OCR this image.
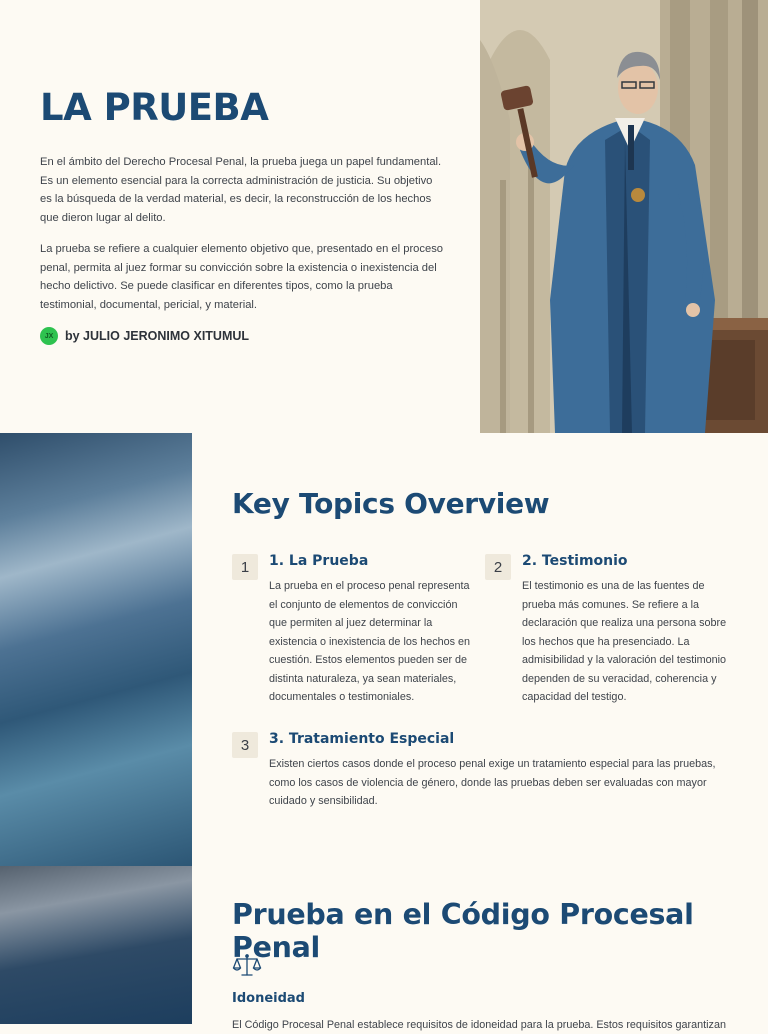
LA PRUEBA

En el ámbito del Derecho Procesal Penal, la prueba juega un papel fundamental. Es un elemento esencial para la correcta administración de justicia. Su objetivo es la búsqueda de la verdad material, es decir, la reconstrucción de los hechos que dieron lugar al delito.

La prueba se refiere a cualquier elemento objetivo que, presentado en el proceso penal, permita al juez formar su convicción sobre la existencia o inexistencia del hecho delictivo. Se puede clasificar en diferentes tipos, como la prueba testimonial, documental, pericial, y material.

JX by JULIO JERONIMO XITUMUL
Key Topics Overview
1	1. La Prueba

La prueba en el proceso penal representa el conjunto de elementos de convicción que permiten al juez determinar la existencia o inexistencia de los hechos en cuestión. Estos elementos pueden ser de distinta naturaleza, ya sean materiales, documentales o testimoniales.

2	2. Testimonio

El testimonio es una de las fuentes de prueba más comunes. Se refiere a la declaración que realiza una persona sobre los hechos que ha presenciado. La admisibilidad y la valoración del testimonio dependen de su veracidad, coherencia y capacidad del testigo.

3	3. Tratamiento Especial

Existen ciertos casos donde el proceso penal exige un tratamiento especial para las pruebas, como los casos de violencia de género, donde las pruebas deben ser evaluadas con mayor cuidado y sensibilidad.

Prueba en el Código Procesal Penal
Idoneidad

El Código Procesal Penal establece requisitos de idoneidad para la prueba. Estos requisitos garantizan
